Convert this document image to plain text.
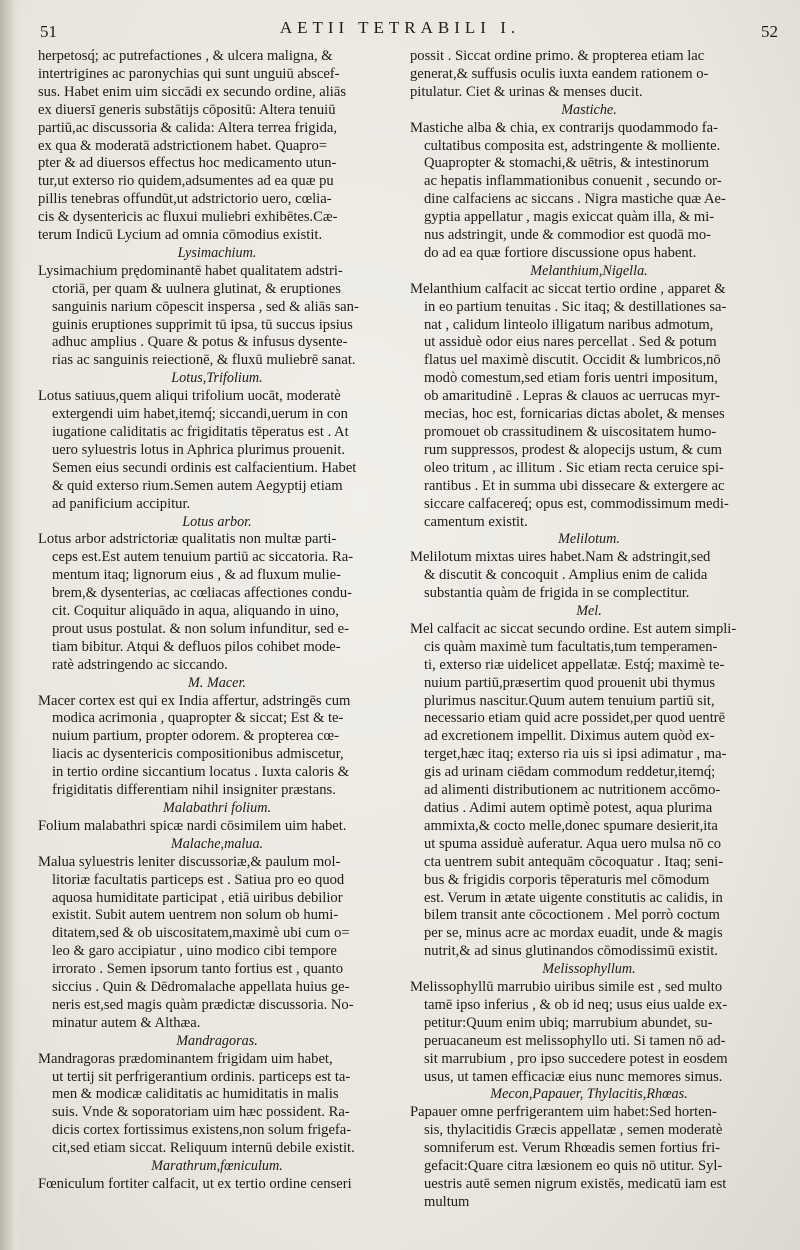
51	AETII TETRABILI I.	52
herpetosq́; ac putrefactiones , & ulcera maligna, &
intertrigines ac paronychias qui sunt unguiū abscef-
sus. Habet enim uim siccādi ex secundo ordine, aliās
ex diuersī generis substātijs cōpositū: Altera tenuiū
partiū,ac discussoria & calida: Altera terrea frigida,
ex qua & moderatā adstrictionem habet. Quapro=
pter & ad diuersos effectus hoc medicamento utun-
tur,ut exterso rio quidem,adsumentes ad ea quæ pu
pillis tenebras offundūt,ut adstrictorio uero, cœlia-
cis & dysentericis ac fluxui muliebri exhibētes.Cæ-
terum Indicū Lycium ad omnia cōmodius existit.
Lysimachium.
Lysimachium prędominantē habet qualitatem adstri-
ctoriā, per quam & uulnera glutinat, & eruptiones
sanguinis narium cōpescit inspersa , sed & aliās san-
guinis eruptiones supprimit tū ipsa, tū succus ipsius
adhuc amplius . Quare & potus & infusus dysente-
rias ac sanguinis reiectionē, & fluxū muliebrē sanat.
Lotus,Trifolium.
Lotus satiuus,quem aliqui trifolium uocāt, moderatè
extergendi uim habet,itemq́; siccandi,uerum in con
iugatione caliditatis ac frigiditatis tēperatus est . At
uero syluestris lotus in Aphrica plurimus prouenit.
Semen eius secundi ordinis est calfacientium. Habet
& quid exterso rium.Semen autem Aegyptij etiam
ad panificium accipitur.
Lotus arbor.
Lotus arbor adstrictoriæ qualitatis non multæ parti-
ceps est.Est autem tenuium partiū ac siccatoria. Ra-
mentum itaq; lignorum eius , & ad fluxum mulie-
brem,& dysenterias, ac cœliacas affectiones condu-
cit. Coquitur aliquādo in aqua, aliquando in uino,
prout usus postulat. & non solum infunditur, sed e-
tiam bibitur. Atqui & defluos pilos cohibet mode-
ratè adstringendo ac siccando.
M. Macer.
Macer cortex est qui ex India affertur, adstringēs cum
modica acrimonia , quapropter & siccat; Est & te-
nuium partium, propter odorem. & propterea cœ-
liacis ac dysentericis compositionibus admiscetur,
in tertio ordine siccantium locatus . Iuxta caloris &
frigiditatis differentiam nihil insigniter præstans.
Malabathri folium.
Folium malabathri spicæ nardi cōsimilem uim habet.
Malache,malua.
Malua syluestris leniter discussoriæ,& paulum mol-
litoriæ facultatis particeps est . Satiua pro eo quod
aquosa humiditate participat , etiā uiribus debilior
existit. Subit autem uentrem non solum ob humi-
ditatem,sed & ob uiscositatem,maximè ubi cum o=
leo & garo accipiatur , uino modico cibi tempore
irrorato . Semen ipsorum tanto fortius est , quanto
siccius . Quin & Dēdromalache appellata huius ge-
neris est,sed magis quàm prædictæ discussoria. No-
minatur autem & Althæa.
Mandragoras.
Mandragoras prædominantem frigidam uim habet,
ut tertij sit perfrigerantium ordinis. particeps est ta-
men & modicæ caliditatis ac humiditatis in malis
suis. Vnde & soporatoriam uim hæc possident. Ra-
dicis cortex fortissimus existens,non solum frigefa-
cit,sed etiam siccat. Reliquum internū debile existit.
Marathrum,fœniculum.
Fœniculum fortiter calfacit, ut ex tertio ordine censeri
possit . Siccat ordine primo. & propterea etiam lac
generat,& suffusis oculis iuxta eandem rationem o-
pitulatur. Ciet & urinas & menses ducit.
Mastiche.
Mastiche alba & chia, ex contrarijs quodammodo fa-
cultatibus composita est, adstringente & molliente.
Quapropter & stomachi,& uētris, & intestinorum
ac hepatis inflammationibus conuenit , secundo or-
dine calfaciens ac siccans . Nigra mastiche quæ Ae-
gyptia appellatur , magis exiccat quàm illa, & mi-
nus adstringit, unde & commodior est quodā mo-
do ad ea quæ fortiore discussione opus habent.
Melanthium,Nigella.
Melanthium calfacit ac siccat tertio ordine , apparet &
in eo partium tenuitas . Sic itaq; & destillationes sa-
nat , calidum linteolo illigatum naribus admotum,
ut assiduè odor eius nares percellat . Sed & potum
flatus uel maximè discutit. Occidit & lumbricos,nō
modò comestum,sed etiam foris uentri impositum,
ob amaritudinē . Lepras & clauos ac uerrucas myr-
mecias, hoc est, fornicarias dictas abolet, & menses
promouet ob crassitudinem & uiscositatem humo-
rum suppressos, prodest & alopecijs ustum, & cum
oleo tritum , ac illitum . Sic etiam recta ceruice spi-
rantibus . Et in summa ubi dissecare & extergere ac
siccare calfacereq́; opus est, commodissimum medi-
camentum existit.
Melilotum.
Melilotum mixtas uires habet.Nam & adstringit,sed
& discutit & concoquit . Amplius enim de calida
substantia quàm de frigida in se complectitur.
Mel.
Mel calfacit ac siccat secundo ordine. Est autem simpli-
cis quàm maximè tum facultatis,tum temperamen-
ti, exterso riæ uidelicet appellatæ. Estq́; maximè te-
nuium partiū,præsertim quod prouenit ubi thymus
plurimus nascitur.Quum autem tenuium partiū sit,
necessario etiam quid acre possidet,per quod uentrē
ad excretionem impellit. Diximus autem quòd ex-
terget,hæc itaq; exterso ria uis si ipsi adimatur , ma-
gis ad urinam ciēdam commodum reddetur,itemq́;
ad alimenti distributionem ac nutritionem accōmo-
datius . Adimi autem optimè potest, aqua plurima
ammixta,& cocto melle,donec spumare desierit,ita
ut spuma assiduè auferatur. Aqua uero mulsa nō co
cta uentrem subit antequām cōcoquatur . Itaq; seni-
bus & frigidis corporis tēperaturis mel cōmodum
est. Verum in ætate uigente constitutis ac calidis, in
bilem transit ante cōcoctionem . Mel porrò coctum
per se, minus acre ac mordax euadit, unde & magis
nutrit,& ad sinus glutinandos cōmodissimū existit.
Melissophyllum.
Melissophyllū marrubio uiribus simile est , sed multo
tamē ipso inferius , & ob id neq; usus eius ualde ex-
petitur:Quum enim ubiq; marrubium abundet, su-
peruacaneum est melissophyllo uti. Si tamen nō ad-
sit marrubium , pro ipso succedere potest in eosdem
usus, ut tamen efficaciæ eius nunc memores simus.
Mecon,Papauer, Thylacitis,Rhœas.
Papauer omne perfrigerantem uim habet:Sed horten-
sis, thylacitidis Græcis appellatæ , semen moderatè
somniferum est. Verum Rhœadis semen fortius fri-
gefacit:Quare citra læsionem eo quis nō utitur. Syl-
uestris autē semen nigrum existēs, medicatū iam est
multum
